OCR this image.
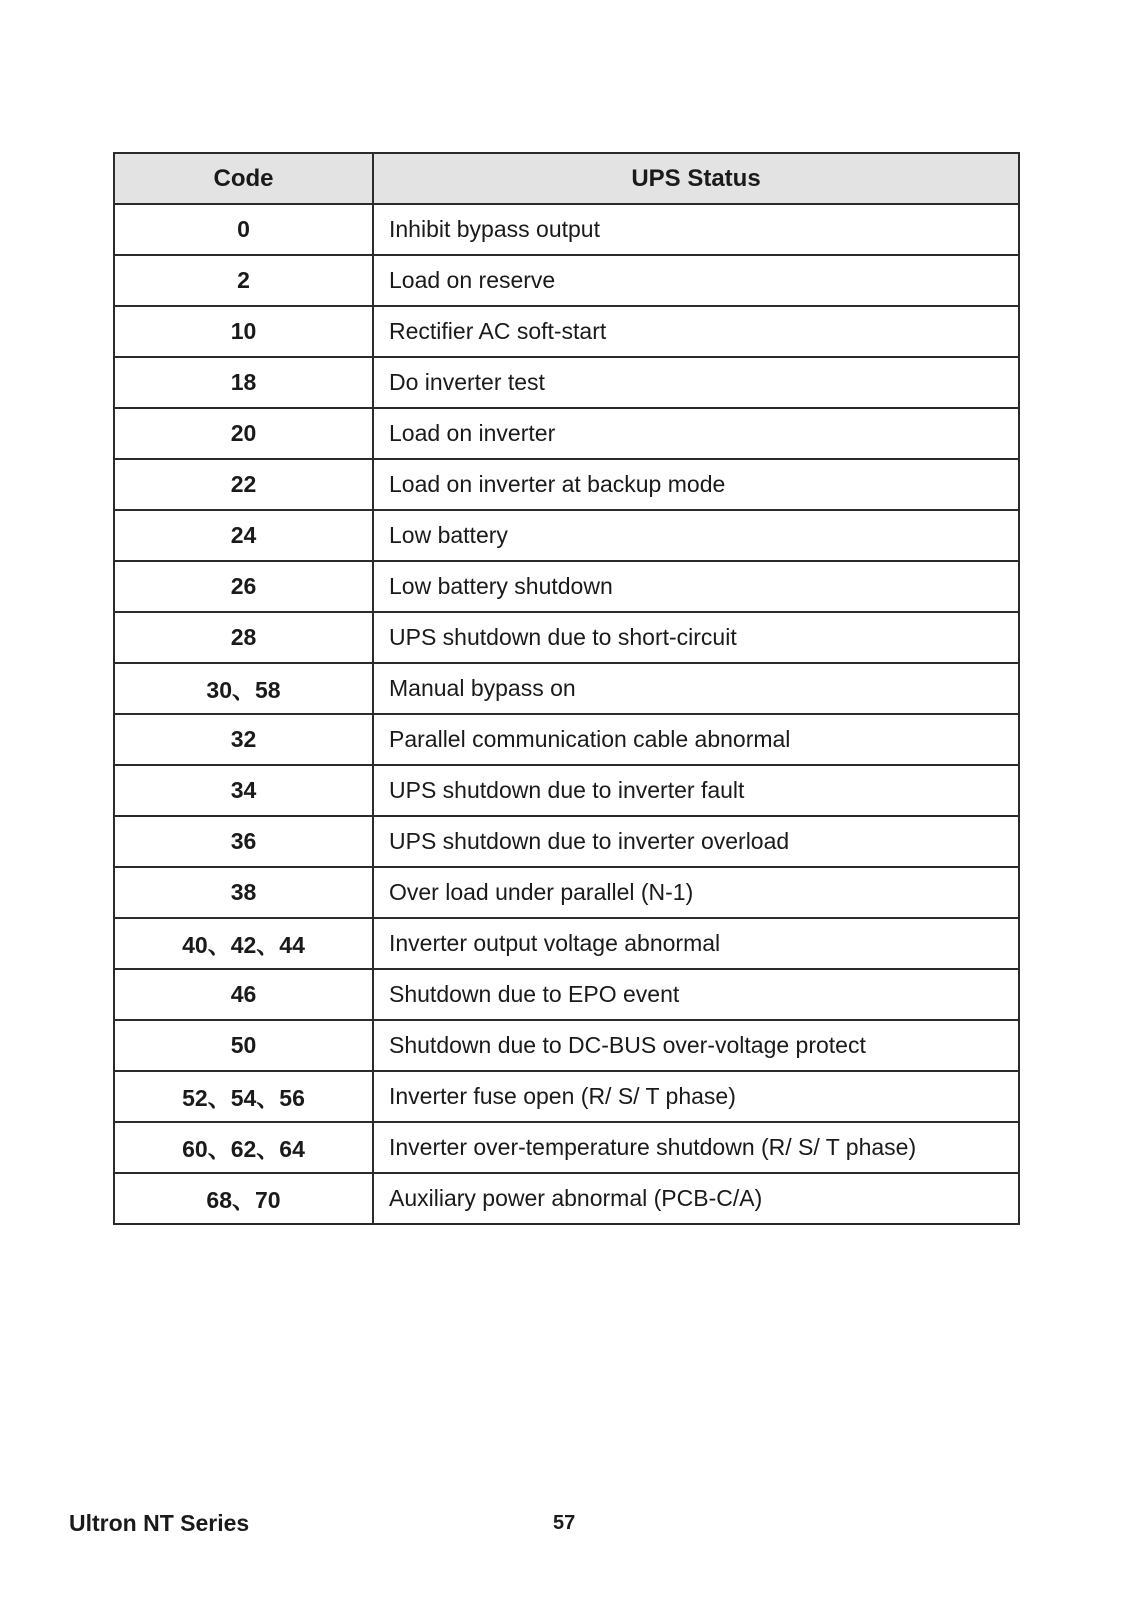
Code	UPS Status
0	Inhibit bypass output
2	Load on reserve
10	Rectifier AC soft-start
18	Do inverter test
20	Load on inverter
22	Load on inverter at backup mode
24	Low battery
26	Low battery shutdown
28	UPS shutdown due to short-circuit
30、58	Manual bypass on
32	Parallel communication cable abnormal
34	UPS shutdown due to inverter fault
36	UPS shutdown due to inverter overload
38	Over load under parallel (N-1)
40、42、44	Inverter output voltage abnormal
46	Shutdown due to EPO event
50	Shutdown due to DC-BUS over-voltage protect
52、54、56	Inverter fuse open (R/ S/ T phase)
60、62、64	Inverter over-temperature shutdown (R/ S/ T phase)
68、70	Auxiliary power abnormal (PCB-C/A)
Ultron NT Series	57
